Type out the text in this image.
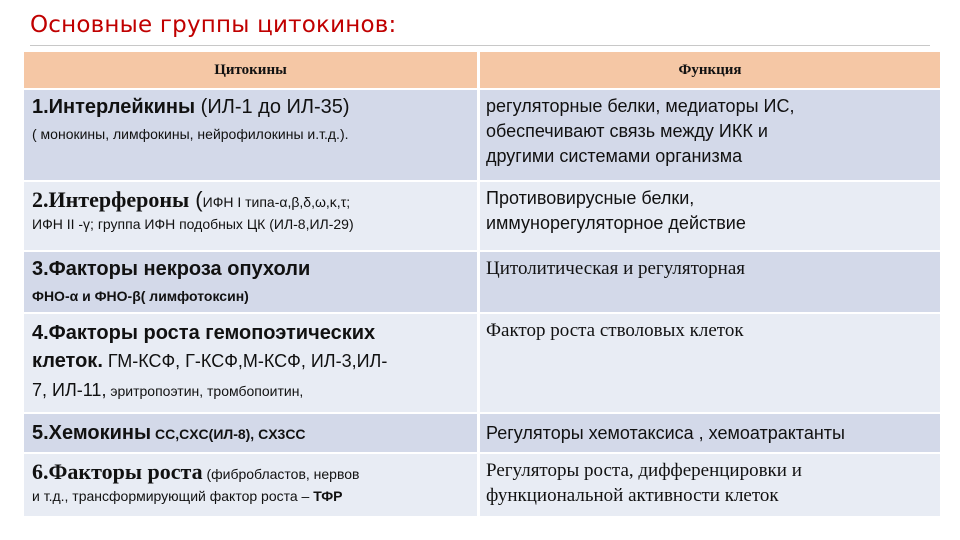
Основные группы цитокинов:
Цитокины	Функция

1.Интерлейкины (ИЛ-1 до ИЛ-35)
( монокины, лимфокины, нейрофилокины и.т.д.).	регуляторные белки, медиаторы ИС,
обеспечивают связь между ИКК и
другими системами организма

2.Интерфероны (ИФН I типа-α,β,δ,ω,κ,τ;
ИФН II -γ; группа ИФН подобных ЦК (ИЛ-8,ИЛ-29)	Противовирусные белки,
иммунорегуляторное действие

3.Факторы некроза опухоли
ФНО-α и ФНО-β( лимфотоксин)	Цитолитическая и регуляторная

4.Факторы роста гемопоэтических
клеток. ГМ-КСФ, Г-КСФ,М-КСФ, ИЛ-3,ИЛ-
7, ИЛ-11, эритропоэтин, тромбопоитин,	Фактор роста стволовых клеток

5.Хемокины CC,CXC(ИЛ-8), CX3CC	Регуляторы хемотаксиса , хемоатрактанты

6.Факторы роста (фибробластов, нервов
и т.д., трансформирующий фактор роста – ТФР	Регуляторы роста, дифференцировки и
функциональной активности клеток
